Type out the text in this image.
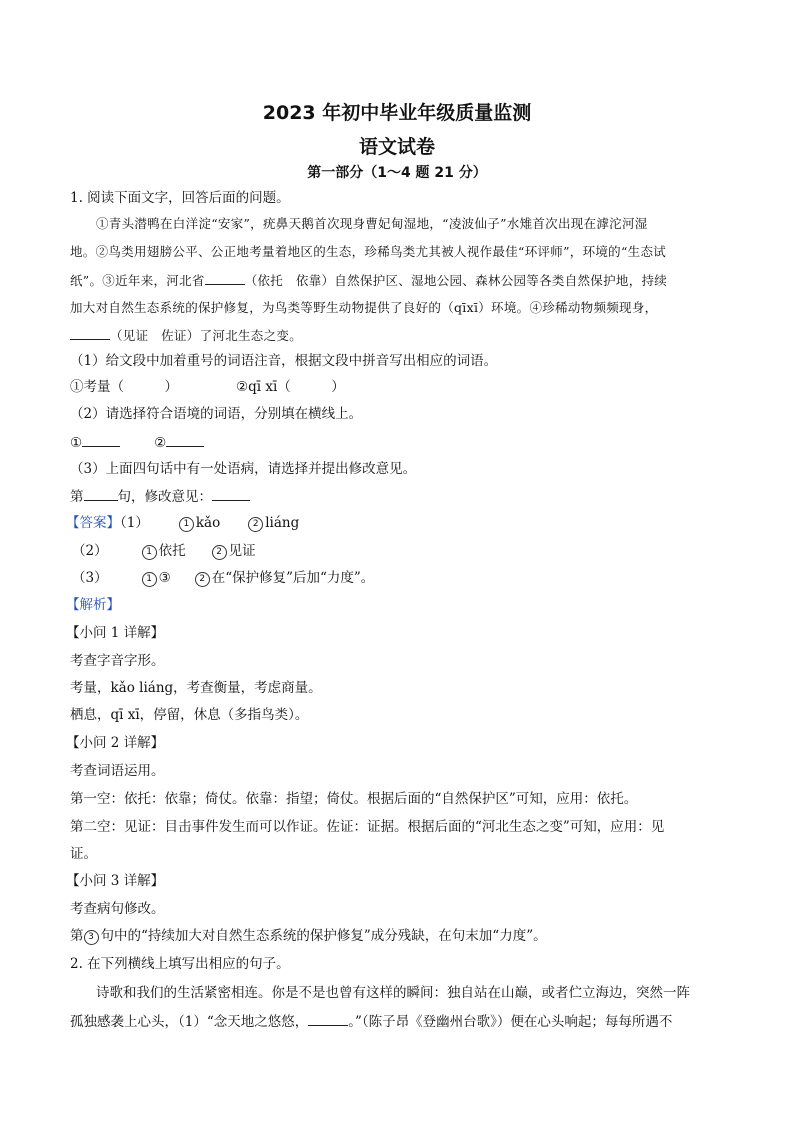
2023 年初中毕业年级质量监测
语文试卷
第一部分（1～4 题 21 分）
1. 阅读下面文字，回答后面的问题。
①青头潜鸭在白洋淀“安家”，疣鼻天鹅首次现身曹妃甸湿地，“凌波仙子”水雉首次出现在滹沱河湿
地。②鸟类用翅膀公平、公正地考量着地区的生态，珍稀鸟类尤其被人视作最佳“环评师”，环境的“生态试
纸”。③近年来，河北省	（依托　依靠）自然保护区、湿地公园、森林公园等各类自然保护地，持续
加大对自然生态系统的保护修复，为鸟类等野生动物提供了良好的（qīxī）环境。④珍稀动物频频现身，
（见证　佐证）了河北生态之变。
（1）给文段中加着重号的词语注音，根据文段中拼音写出相应的词语。
①考量（　　　）	②qī xī（　　　）
（2）请选择符合语境的词语，分别填在横线上。
①	②
（3）上面四句话中有一处语病，请选择并提出修改意见。
第	句，修改意见：
【答案】（1）	1 kǎo	2 liáng
（2）	1 依托	2 见证
（3）	1 ③	2 在“保护修复”后加“力度”。
【解析】
【小问 1 详解】
考查字音字形。
考量，kǎo liáng，考查衡量，考虑商量。
栖息，qī xī，停留，休息（多指鸟类）。
【小问 2 详解】
考查词语运用。
第一空：依托：依靠；倚仗。依靠：指望；倚仗。根据后面的“自然保护区”可知，应用：依托。
第二空：见证：目击事件发生而可以作证。佐证：证据。根据后面的“河北生态之变”可知，应用：见
证。
【小问 3 详解】
考查病句修改。
第 3 句中的“持续加大对自然生态系统的保护修复”成分残缺，在句末加“力度”。
2. 在下列横线上填写出相应的句子。
诗歌和我们的生活紧密相连。你是不是也曾有这样的瞬间：独自站在山巅，或者伫立海边，突然一阵
孤独感袭上心头，（1）“念天地之悠悠，	。”（陈子昂《登幽州台歌》）便在心头响起；每每所遇不
